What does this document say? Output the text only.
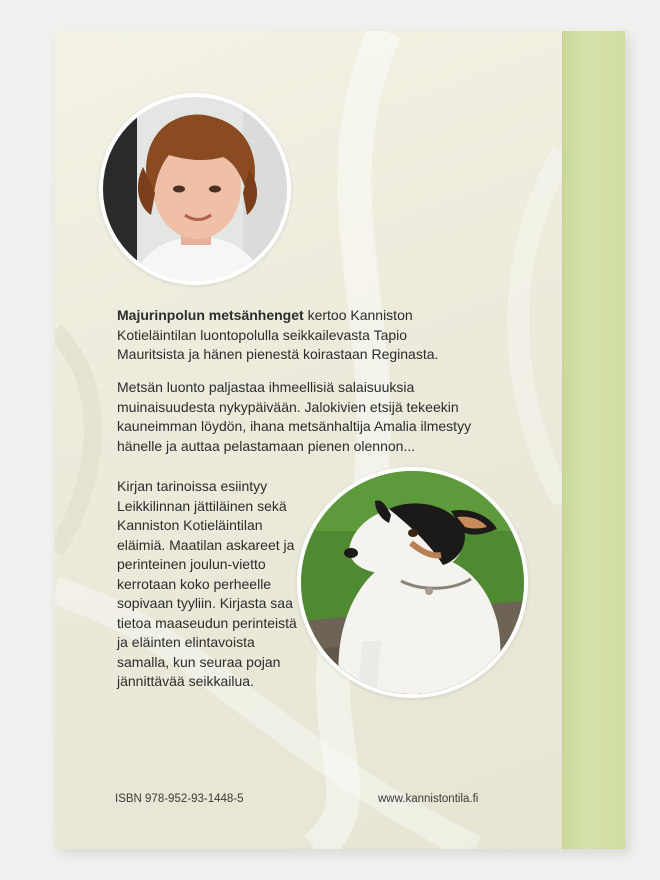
Majurinpolun metsänhenget kertoo Kanniston Kotieläintilan luontopolulla seikkailevasta Tapio Mauritsista ja hänen pienestä koirastaan Reginasta.

Metsän luonto paljastaa ihmeellisiä salaisuuksia muinaisuudesta nykypäivään. Jalokivien etsijä tekeekin kauneimman löydön, ihana metsänhaltija Amalia ilmestyy hänelle ja auttaa pelastamaan pienen olennon...

Kirjan tarinoissa esiintyy Leikkilinnan jättiläinen sekä Kanniston Kotieläintilan eläimiä. Maatilan askareet ja perinteinen joulun-vietto kerrotaan koko perheelle sopivaan tyyliin. Kirjasta saa tietoa maaseudun perinteistä ja eläinten elintavoista samalla, kun seuraa pojan jännittävää seikkailua.

ISBN 978-952-93-1448-5	www.kannistontila.fi
